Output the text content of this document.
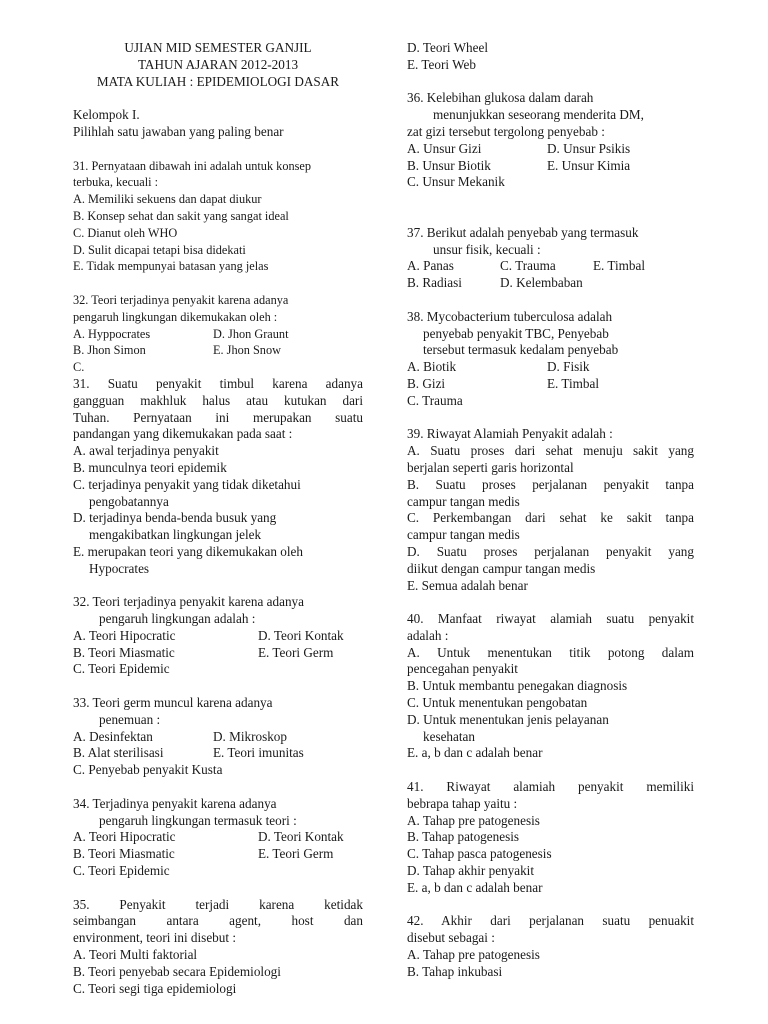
UJIAN MID SEMESTER GANJIL
TAHUN AJARAN 2012-2013
MATA KULIAH : EPIDEMIOLOGI DASAR
Kelompok I.
Pilihlah satu jawaban yang paling benar
31. Pernyataan dibawah ini adalah untuk konsep
terbuka, kecuali :
A. Memiliki sekuens dan dapat diukur
B. Konsep sehat dan sakit yang sangat ideal
C. Dianut oleh WHO
D. Sulit dicapai tetapi bisa didekati
E. Tidak mempunyai batasan yang jelas
32. Teori terjadinya penyakit karena adanya
pengaruh lingkungan dikemukakan oleh :
A. Hyppocrates	D. Jhon Graunt
B. Jhon Simon	E. Jhon Snow
C.
31. Suatu penyakit timbul karena adanya
gangguan makhluk halus atau kutukan dari
Tuhan. Pernyataan ini merupakan suatu
pandangan yang dikemukakan pada saat :
A. awal terjadinya penyakit
B. munculnya teori epidemik
C. terjadinya penyakit yang tidak diketahui
pengobatannya
D. terjadinya benda-benda busuk yang
mengakibatkan lingkungan jelek
E. merupakan teori yang dikemukakan oleh
Hypocrates
32. Teori terjadinya penyakit karena adanya
pengaruh lingkungan adalah :
A. Teori Hipocratic	D. Teori Kontak
B. Teori Miasmatic	E. Teori Germ
C. Teori Epidemic
33. Teori germ muncul karena adanya
penemuan :
A. Desinfektan	D. Mikroskop
B. Alat sterilisasi	E. Teori imunitas
C. Penyebab penyakit Kusta
34. Terjadinya penyakit karena adanya
pengaruh lingkungan termasuk teori :
A. Teori Hipocratic	D. Teori Kontak
B. Teori Miasmatic	E. Teori Germ
C. Teori Epidemic
35. Penyakit terjadi karena ketidak
seimbangan antara agent, host dan
environment, teori ini disebut :
A. Teori Multi faktorial
B. Teori penyebab secara Epidemiologi
C. Teori segi tiga epidemiologi
D. Teori Wheel
E. Teori Web
36. Kelebihan glukosa dalam darah
menunjukkan seseorang menderita DM,
zat gizi tersebut tergolong penyebab :
A. Unsur Gizi	D. Unsur Psikis
B. Unsur Biotik	E. Unsur Kimia
C. Unsur Mekanik
37. Berikut adalah penyebab yang termasuk
unsur fisik, kecuali :
A. Panas	C. Trauma	E. Timbal
B. Radiasi	D. Kelembaban
38. Mycobacterium tuberculosa adalah
penyebab penyakit TBC, Penyebab
tersebut termasuk kedalam penyebab
A. Biotik	D. Fisik
B. Gizi	E. Timbal
C. Trauma
39. Riwayat Alamiah Penyakit adalah :
A. Suatu proses dari sehat menuju sakit yang
berjalan seperti garis horizontal
B. Suatu proses perjalanan penyakit tanpa
campur tangan medis
C. Perkembangan dari sehat ke sakit tanpa
campur tangan medis
D. Suatu proses perjalanan penyakit yang
diikut dengan campur tangan medis
E. Semua adalah benar
40. Manfaat riwayat alamiah suatu penyakit
adalah :
A. Untuk menentukan titik potong dalam
pencegahan penyakit
B. Untuk membantu penegakan diagnosis
C. Untuk menentukan pengobatan
D. Untuk menentukan jenis pelayanan
kesehatan
E. a, b dan c adalah benar
41. Riwayat alamiah penyakit memiliki
bebrapa tahap yaitu :
A. Tahap pre patogenesis
B. Tahap patogenesis
C. Tahap pasca patogenesis
D. Tahap akhir penyakit
E. a, b dan c adalah benar
42. Akhir dari perjalanan suatu penuakit
disebut sebagai :
A. Tahap pre patogenesis
B. Tahap inkubasi
